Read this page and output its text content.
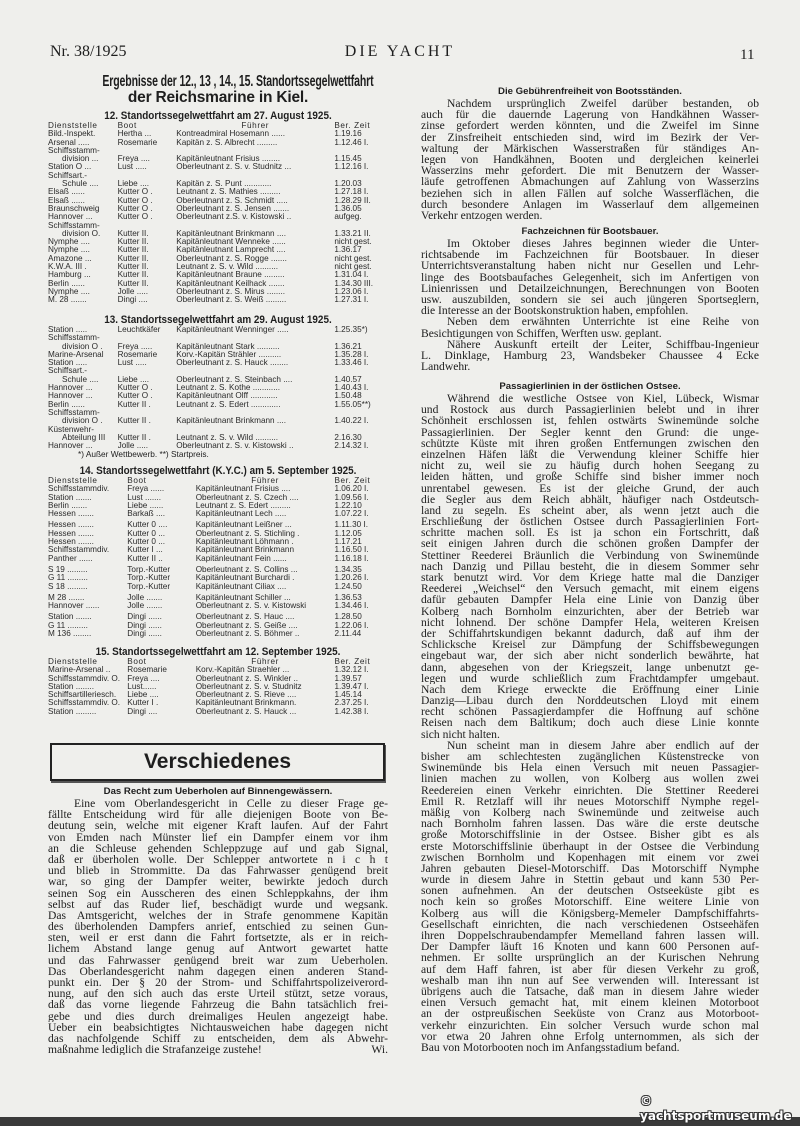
Nr. 38/1925	DIE YACHT	11
Ergebnisse der 12., 13 , 14., 15. Standortssegelwettfahrt
der Reichsmarine in Kiel.
12. Standortssegelwettfahrt am 27. August 1925.
Dienststelle	Boot	Führer	Ber. Zeit
Bild.-Inspekt.	Hertha ...	Kontreadmiral Hosemann ......	1.19.16
Arsenal .....	Rosemarie	Kapitän z. S. Albrecht .........	1.12.46 I.
Schiffsstamm-
division ...	Freya ....	Kapitänleutnant Frisius ........	1.15.45
Station O ...	Lust .....	Oberleutnant z. S. v. Studnitz ...	1.12.16 I.
Schiffsart.-
Schule ....	Liebe ....	Kapitän z. S. Punt ............	1.20.03
Elsaß ......	Kutter O .	Leutnant z. S. Mathies .........	1.27.18 I.
Elsaß ......	Kutter O .	Oberleutnant z. S. Schmidt .....	1.28.29 II.
Braunschweig	Kutter O .	Oberleutnant z. S. Jensen .......	1.36.05
Hannover ...	Kutter O .	Oberleutnant z.S. v. Kistowski ..	aufgeg.
Schiffsstamm-
division O.	Kutter II.	Kapitänleutnant Brinkmann ....	1.33.21 II.
Nymphe ....	Kutter II.	Kapitänleutnant Wenneke ......	nicht gest.
Nymphe ....	Kutter II.	Kapitänleutnant Lamprecht ....	1.36.17
Amazone ...	Kutter II.	Oberleutnant z. S. Rogge .......	nicht gest.
K.W.A. III .	Kutter II.	Leutnant z. S. v. Wild ..........	nicht gest.
Hamburg ...	Kutter II.	Kapitänleutnant Braune .........	1.31.04 I.
Berlin ......	Kutter II.	Kapitänleutnant Keilhack .......	1.34.30 III.
Nymphe ....	Jolle .....	Oberleutnant z. S. Mirus ........	1.23.06 I.
M. 28 .......	Dingi ....	Oberleutnant z. S. Weiß .........	1.27.31 I.
13. Standortssegelwettfahrt am 29. August 1925.
Station .....	Leuchtkäfer	Kapitänleutnant Wenninger .....	1.25.35*)
Schiffsstamm-
division O .	Freya .....	Kapitänleutnant Stark ..........	1.36.21
Marine-Arsenal	Rosemarie	Korv.-Kapitän Strähler ..........	1.35.28 I.
Station .....	Lust .....	Oberleutnant z. S. Hauck ........	1.33.46 I.
Schiffsart.-
Schule ....	Liebe ....	Oberleutnant z. S. Steinbach ....	1.40.57
Hannover ...	Kutter O .	Leutnant z. S. Kothe ............	1.40.43 I.
Hannover ...	Kutter O .	Kapitänleutnant Olff ............	1.50.48
Berlin ......	Kutter II .	Leutnant z. S. Edert .............	1.55.05**)
Schiffsstamm-
division O .	Kutter II .	Kapitänleutnant Brinkmann ....	1.40.22 I.
Küstenwehr-
Abteilung III	Kutter II .	Leutnant z. S. v. Wild ..........	2.16.30
Hannover ...	Jolle .....	Oberleutnant z. S. v. Kistowski ..	2.14.32 I.
*) Außer Wettbewerb. **) Startpreis.
14. Standortssegelwettfahrt (K.Y.C.) am 5. September 1925.
Dienststelle	Boot	Führer	Ber. Zeit
Schiffsstammdiv.	Freya ......	Kapitänleutnant Frisius ....	1.06.20 I.
Station .......	Lust .......	Oberleutnant z. S. Czech ....	1.09.56 I.
Berlin .......	Liebe ......	Leutnant z. S. Edert .........	1.22.10
Hessen .......	Barkaß ....	Kapitänleutnant Lech .....	1.07.22 I.
Hessen .......	Kutter 0 ....	Kapitänleutnant Leißner ...	1.11.30 I.
Hessen .......	Kutter 0 ...	Oberleutnant z. S. Stichling .	1.12.05
Hessen .......	Kutter 0 ...	Kapitänleutnant Löhmann .	1.17.21
Schiffsstammdiv.	Kutter I ...	Kapitänleutnant Brinkmann	1.16.50 I.
Panther ......	Kutter II ..	Kapitänleutnant Fein ......	1.16.18 I.
S 19 .........	Torp.-Kutter	Oberleutnant z. S. Collins ...	1.34.35
G 11 .........	Torp.-Kutter	Kapitänleutnant Burchardi .	1.20.26 I.
S 18 .........	Torp.-Kutter	Kapitänleutnant Ciliax ....	1.24.50
M 28 .......	Jolle .......	Kapitänleutnant Schiller ...	1.36.53
Hannover ......	Jolle .......	Oberleutnant z. S. v. Kistowski	1.34.46 I.
Station .......	Dingi ......	Oberleutnant z. S. Hauc ....	1.28.50
G 11 .........	Dingi ......	Oberleutnant z. S. Geiße ....	1.22.06 I.
M 136 ........	Dingi ......	Oberleutnant z. S. Böhmer ..	2.11.44
15. Standortssegelwettfahrt am 12. September 1925.
Dienststelle	Boot	Führer	Ber. Zeit
Marine-Arsenal ..	Rosemarie	Korv.-Kapitän Straehler ...	1.32.12 I.
Schiffsstammdiv. O. Freya ....	Oberleutnant z. S. Winkler ..	1.39.57
Station ........	Lust......	Oberleutnant z. S. v. Studnitz	1.39.47 I.
Schiffsartilleriesch.	Liebe ....	Oberleutnant z. S. Rieve ....	1.45.14
Schiffsstammdiv. O. Kutter I .	Kapitänleutnant Brinkmann.	2.37.25 I.
Station .........	Dingi ....	Oberleutnant z. S. Hauck ...	1.42.38 I.
Verschiedenes
Das Recht zum Ueberholen auf Binnengewässern.
Eine vom Oberlandesgericht in Celle zu dieser Frage ge-
fällte Entscheidung wird für alle diejenigen Boote von Be-
deutung sein, welche mit eigener Kraft laufen. Auf der Fahrt
von Emden nach Münster lief ein Dampfer einem vor ihm
an die Schleuse gehenden Schleppzuge auf und gab Signal,
daß er überholen wolle. Der Schlepper antwortete n i c h t
und blieb in Strommitte. Da das Fahrwasser genügend breit
war, so ging der Dampfer weiter, bewirkte jedoch durch
seinen Sog ein Ausscheren des einen Schleppkahns, der ihm
selbst auf das Ruder lief, beschädigt wurde und wegsank.
Das Amtsgericht, welches der in Strafe genommene Kapitän
des überholenden Dampfers anrief, entschied zu seinen Gun-
sten, weil er erst dann die Fahrt fortsetzte, als er in reich-
lichem Abstand lange genug auf Antwort gewartet hatte
und das Fahrwasser genügend breit war zum Ueberholen.
Das Oberlandesgericht nahm dagegen einen anderen Stand-
punkt ein. Der § 20 der Strom- und Schiffahrtspolizeiverord-
nung, auf den sich auch das erste Urteil stützt, setze voraus,
daß das vorne liegende Fahrzeug die Bahn tatsächlich frei-
gebe und dies durch dreimaliges Heulen angezeigt habe.
Ueber ein beabsichtigtes Nichtausweichen habe dagegen nicht
das nachfolgende Schiff zu entscheiden, dem als Abwehr-
maßnahme lediglich die Strafanzeige zustehe!	Wi.
Die Gebührenfreiheit von Bootsständen.
Nachdem ursprünglich Zweifel darüber bestanden, ob
auch für die dauernde Lagerung von Handkähnen Wasser-
zinse gefordert werden könnten, und die Zweifel im Sinne
der Zinsfreiheit entschieden sind, wird im Bezirk der Ver-
waltung der Märkischen Wasserstraßen für ständiges An-
legen von Handkähnen, Booten und dergleichen keinerlei
Wasserzins mehr gefordert. Die mit Benutzern der Wasser-
läufe getroffenen Abmachungen auf Zahlung von Wasserzins
beziehen sich in allen Fällen auf solche Wasserflächen, die
durch besondere Anlagen im Wasserlauf dem allgemeinen
Verkehr entzogen werden.
Fachzeichnen für Bootsbauer.
Im Oktober dieses Jahres beginnen wieder die Unter-
richtsabende im Fachzeichnen für Bootsbauer. In dieser
Unterrichtsveranstaltung haben nicht nur Gesellen und Lehr-
linge des Bootsbaufaches Gelegenheit, sich im Anfertigen von
Linienrissen und Detailzeichnungen, Berechnungen von Booten
usw. auszubilden, sondern sie sei auch jüngeren Sportseglern,
die Interesse an der Bootskonstruktion haben, empfohlen.
Neben dem erwähnten Unterrichte ist eine Reihe von
Besichtigungen von Schiffen, Werften usw. geplant.
Nähere Auskunft erteilt der Leiter, Schiffbau-Ingenieur
L. Dinklage, Hamburg 23, Wandsbeker Chaussee 4 Ecke
Landwehr.
Passagierlinien in der östlichen Ostsee.
Während die westliche Ostsee von Kiel, Lübeck, Wismar
und Rostock aus durch Passagierlinien belebt und in ihrer
Schönheit erschlossen ist, fehlen ostwärts Swinemünde solche
Passagierlinien. Der Segler kennt den Grund: die unge-
schützte Küste mit ihren großen Entfernungen zwischen den
einzelnen Häfen läßt die Verwendung kleiner Schiffe hier
nicht zu, weil sie zu häufig durch hohen Seegang zu
leiden hätten, und große Schiffe sind bisher immer noch
unrentabel gewesen. Es ist der gleiche Grund, der auch
die Segler aus dem Reich abhält, häufiger nach Ostdeutsch-
land zu segeln. Es scheint aber, als wenn jetzt auch die
Erschließung der östlichen Ostsee durch Passagierlinien Fort-
schritte machen soll. Es ist ja schon ein Fortschritt, daß
seit einigen Jahren durch die schönen großen Dampfer der
Stettiner Reederei Bräunlich die Verbindung von Swinemünde
nach Danzig und Pillau besteht, die in diesem Sommer sehr
stark benutzt wird. Vor dem Kriege hatte mal die Danziger
Reederei „Weichsel“ den Versuch gemacht, mit einem eigens
dafür gebauten Dampfer Hela eine Linie von Danzig über
Kolberg nach Bornholm einzurichten, aber der Betrieb war
nicht lohnend. Der schöne Dampfer Hela, weiteren Kreisen
der Schiffahrtskundigen bekannt dadurch, daß auf ihm der
Schlicksche Kreisel zur Dämpfung der Schiffsbewegungen
eingebaut war, der sich aber nicht sonderlich bewährte, hat
dann, abgesehen von der Kriegszeit, lange unbenutzt ge-
legen und wurde schließlich zum Frachtdampfer umgebaut.
Nach dem Kriege erweckte die Eröffnung einer Linie
Danzig—Libau durch den Norddeutschen Lloyd mit einem
recht schönen Passagierdampfer die Hoffnung auf schöne
Reisen nach dem Baltikum; doch auch diese Linie konnte
sich nicht halten.
Nun scheint man in diesem Jahre aber endlich auf der
bisher am schlechtesten zugänglichen Küstenstrecke von
Swinemünde bis Hela einen Versuch mit neuen Passagier-
linien machen zu wollen, von Kolberg aus wollen zwei
Reedereien einen Verkehr einrichten. Die Stettiner Reederei
Emil R. Retzlaff will ihr neues Motorschiff Nymphe regel-
mäßig von Kolberg nach Swinemünde und zeitweise auch
nach Bornholm fahren lassen. Das wäre die erste deutsche
große Motorschiffslinie in der Ostsee. Bisher gibt es als
erste Motorschiffslinie überhaupt in der Ostsee die Verbindung
zwischen Bornholm und Kopenhagen mit einem vor zwei
Jahren gebauten Diesel-Motorschiff. Das Motorschiff Nymphe
wurde in diesem Jahre in Stettin gebaut und kann 530 Per-
sonen aufnehmen. An der deutschen Ostseeküste gibt es
noch kein so großes Motorschiff. Eine weitere Linie von
Kolberg aus will die Königsberg-Memeler Dampfschiffahrts-
Gesellschaft einrichten, die nach verschiedenen Ostseehäfen
ihren Doppelschraubendampfer Memelland fahren lassen will.
Der Dampfer läuft 16 Knoten und kann 600 Personen auf-
nehmen. Er sollte ursprünglich an der Kurischen Nehrung
auf dem Haff fahren, ist aber für diesen Verkehr zu groß,
weshalb man ihn nun auf See verwenden will. Interessant ist
übrigens auch die Tatsache, daß man in diesem Jahre wieder
einen Versuch gemacht hat, mit einem kleinen Motorboot
an der ostpreußischen Seeküste von Cranz aus Motorboot-
verkehr einzurichten. Ein solcher Versuch wurde schon mal
vor etwa 20 Jahren ohne Erfolg unternommen, als sich der
Bau von Motorbooten noch im Anfangsstadium befand.
© yachtsportmuseum.de
